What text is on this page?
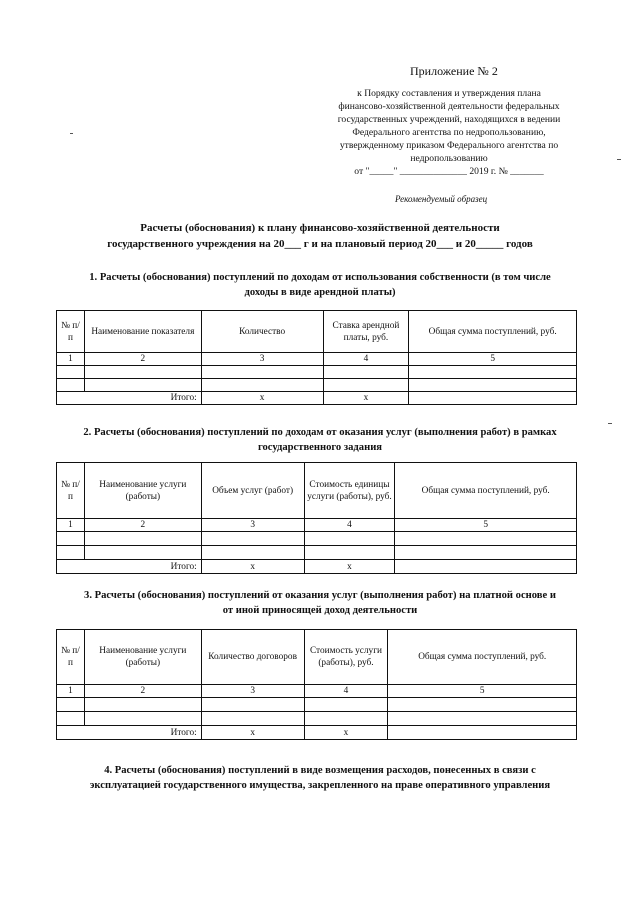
Приложение № 2
к Порядку составления и утверждения плана
финансово-хозяйственной деятельности федеральных
государственных учреждений, находящихся в ведении
Федерального агентства по недропользованию,
утвержденному приказом Федерального агентства по
недропользованию
от "_____" ______________ 2019 г. № _______
Рекомендуемый образец
Расчеты (обоснования) к плану финансово-хозяйственной деятельности
государственного учреждения на 20___ г и на плановый период 20___ и 20_____ годов
1. Расчеты (обоснования) поступлений по доходам от использования собственности (в том числе
доходы в виде арендной платы)
№ п/п	Наименование показателя	Количество	Ставка арендной платы, руб.	Общая сумма поступлений, руб.
1	2	3	4	5

	Итого:	x	x	
2. Расчеты (обоснования) поступлений по доходам от оказания услуг (выполнения работ) в рамках
государственного задания
№ п/п	Наименование услуги (работы)	Объем услуг (работ)	Стоимость единицы услуги (работы), руб.	Общая сумма поступлений, руб.
1	2	3	4	5

	Итого:	x	x	
3. Расчеты (обоснования) поступлений от оказания услуг (выполнения работ) на платной основе и
от иной приносящей доход деятельности
№ п/п	Наименование услуги (работы)	Количество договоров	Стоимость услуги (работы), руб.	Общая сумма поступлений, руб.
1	2	3	4	5

	Итого:	x	x	
4. Расчеты (обоснования) поступлений в виде возмещения расходов, понесенных в связи с
эксплуатацией государственного имущества, закрепленного на праве оперативного управления
